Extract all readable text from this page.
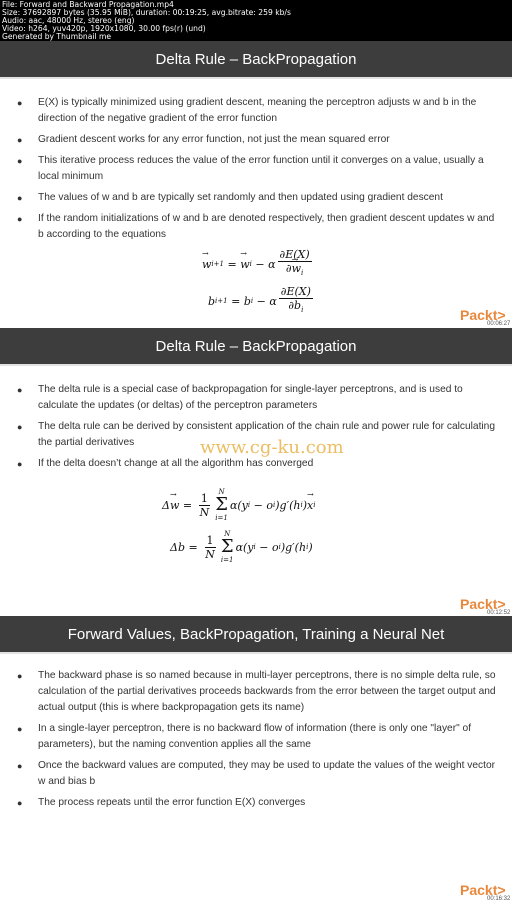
File: Forward and Backward Propagation.mp4
Size: 37692897 bytes (35.95 MiB), duration: 00:19:25, avg.bitrate: 259 kb/s
Audio: aac, 48000 Hz, stereo (eng)
Video: h264, yuv420p, 1920x1080, 30.00 fps(r) (und)
Generated by Thumbnail me
Delta Rule – BackPropagation
● E(X) is typically minimized using gradient descent, meaning the perceptron adjusts w and b in the direction of the negative gradient of the error function
● Gradient descent works for any error function, not just the mean squared error
● This iterative process reduces the value of the error function until it converges on a value, usually a local minimum
● The values of w and b are typically set randomly and then updated using gradient descent
● If the random initializations of w and b are denoted respectively, then gradient descent updates w and b according to the equations
→ w i+1 =
→ w i − α $\frac{\partial E(X)}{\partial\to w_i}$
b i+1 = b i − α $\frac{\partial E(X)}{\partial b_i}$	Packt>
00:06:27
Delta Rule – BackPropagation
● The delta rule is a special case of backpropagation for single-layer perceptrons, and is used to calculate the updates (or deltas) of the perceptron parameters
● The delta rule can be derived by consistent application of the chain rule and power rule for calculating the partial derivatives
● If the delta doesn’t change at all the algorithm has converged
www.cg-ku.com
Δ
→ $w = \frac{1}{N}$ N
Σ
i=1
α(y i − o i )g′(h i )
→ x i
$\Delta b = \frac{1}{N}$ N
Σ
i=1
α(y i − o i )g′(h i )
Packt>
00:12:52
Forward Values, BackPropagation, Training a Neural Net
● The backward phase is so named because in multi-layer perceptrons, there is no simple delta rule, so calculation of the partial derivatives proceeds backwards from the error between the target output and actual output (this is where backpropagation gets its name)
● In a single-layer perceptron, there is no backward flow of information (there is only one "layer" of parameters), but the naming convention applies all the same
● Once the backward values are computed, they may be used to update the values of the weight vector w and bias b
● The process repeats until the error function E(X) converges
Packt>
00:16:32
